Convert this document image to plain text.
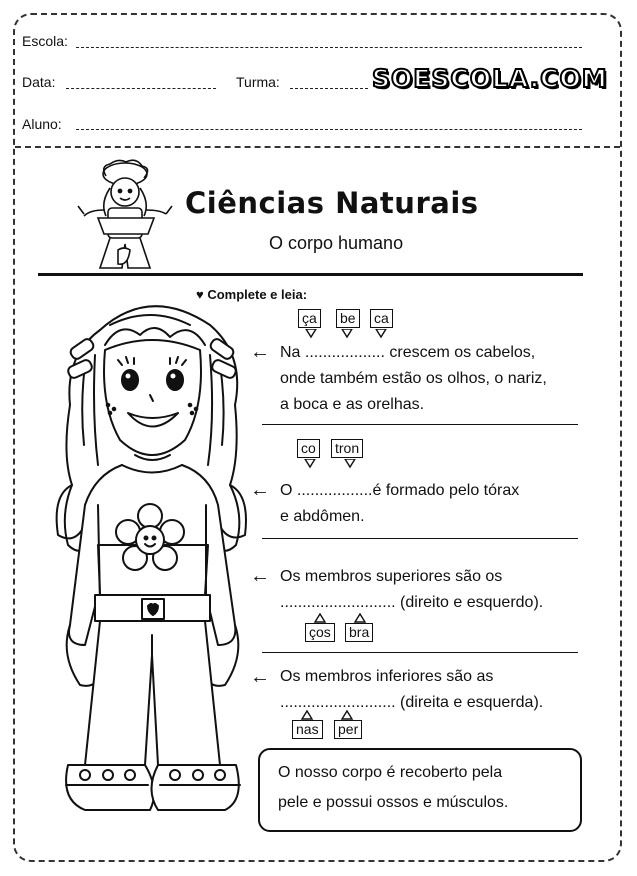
Escola:
Data:	Turma:	SOESCOLA.COM
Aluno:
Ciências Naturais
O corpo humano
♥ Complete e leia:
ça be ca
← Na .................. crescem os cabelos,
onde também estão os olhos, o nariz,
a boca e as orelhas.
co tron
← O .................é formado pelo tórax
e abdômen.
← Os membros superiores são os
.......................... (direito e esquerdo).
ços bra
← Os membros inferiores são as
.......................... (direita e esquerda).
nas per
O nosso corpo é recoberto pela
pele e possui ossos e músculos.
